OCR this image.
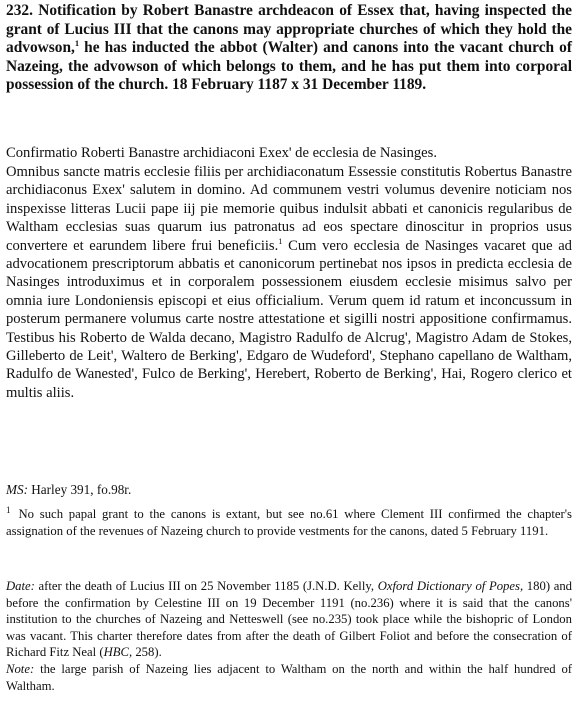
232. Notification by Robert Banastre archdeacon of Essex that, having inspected the grant of Lucius III that the canons may appropriate churches of which they hold the advowson,$^1$ he has inducted the abbot (Walter) and canons into the vacant church of Nazeing, the advowson of which belongs to them, and he has put them into corporal possession of the church. 18 February 1187 x 31 December 1189.
Confirmatio Roberti Banastre archidiaconi Exex' de ecclesia de Nasinges.
Omnibus sancte matris ecclesie filiis per archidiaconatum Essessie constitutis Robertus Banastre archidiaconus Exex' salutem in domino. Ad communem vestri volumus devenire noticiam nos inspexisse litteras Lucii pape iij pie memorie quibus indulsit abbati et canonicis regularibus de Waltham ecclesias suas quarum ius patronatus ad eos spectare dinoscitur in proprios usus convertere et earundem libere frui beneficiis.$^1$ Cum vero ecclesia de Nasinges vacaret que ad advocationem prescriptorum abbatis et canonicorum pertinebat nos ipsos in predicta ecclesia de Nasinges introduximus et in corporalem possessionem eiusdem ecclesie misimus salvo per omnia iure Londoniensis episcopi et eius officialium. Verum quem id ratum et inconcussum in posterum permanere volumus carte nostre attestatione et sigilli nostri appositione confirmamus. Testibus his Roberto de Walda decano, Magistro Radulfo de Alcrug', Magistro Adam de Stokes, Gilleberto de Leit', Waltero de Berking', Edgaro de Wudeford', Stephano capellano de Waltham, Radulfo de Wanested', Fulco de Berking', Herebert, Roberto de Berking', Hai, Rogero clerico et multis aliis.
MS: Harley 391, fo.98r.
$^1$ No such papal grant to the canons is extant, but see no.61 where Clement III confirmed the chapter's assignation of the revenues of Nazeing church to provide vestments for the canons, dated 5 February 1191.
Date: after the death of Lucius III on 25 November 1185 (J.N.D. Kelly, Oxford Dictionary of Popes, 180) and before the confirmation by Celestine III on 19 December 1191 (no.236) where it is said that the canons' institution to the churches of Nazeing and Netteswell (see no.235) took place while the bishopric of London was vacant. This charter therefore dates from after the death of Gilbert Foliot and before the consecration of Richard Fitz Neal (HBC, 258).
Note: the large parish of Nazeing lies adjacent to Waltham on the north and within the half hundred of Waltham.
